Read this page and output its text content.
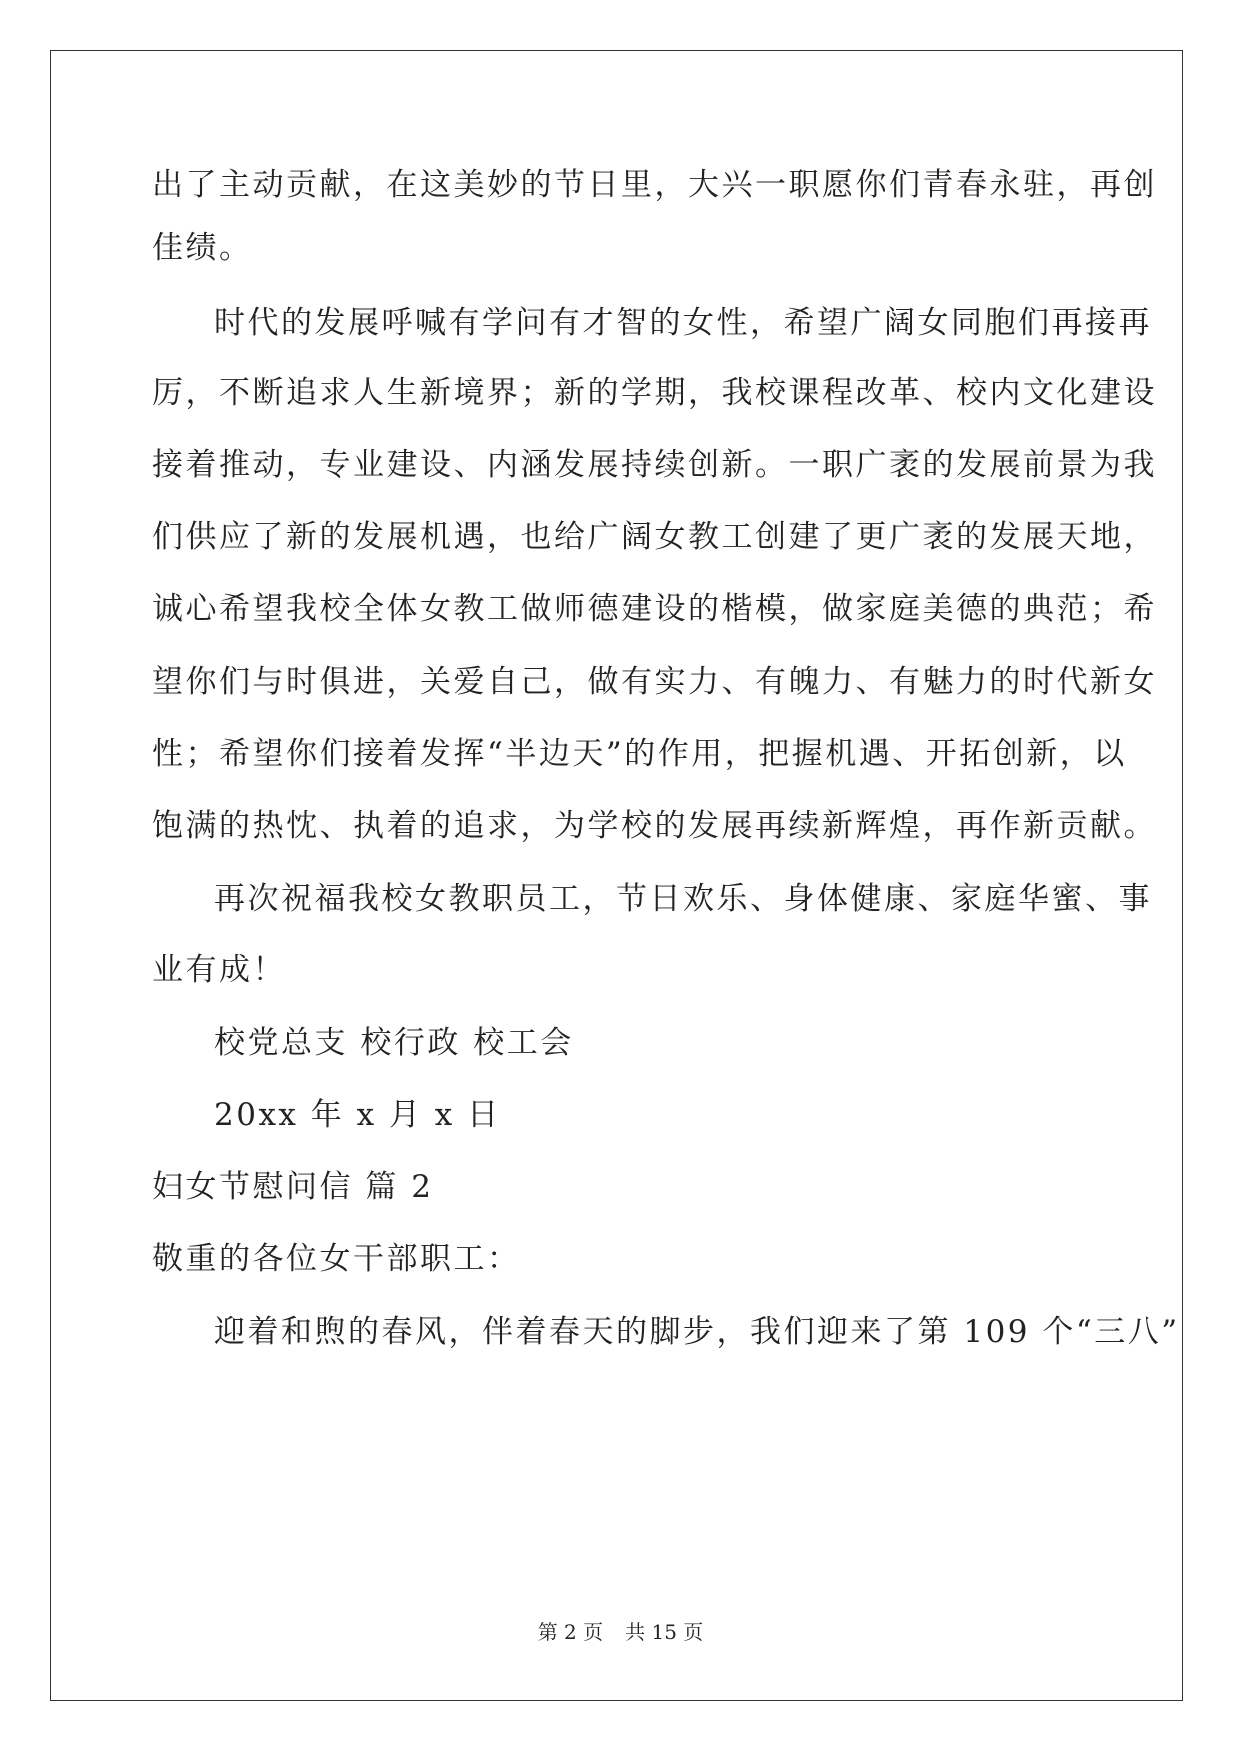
出了主动贡献，在这美妙的节日里，大兴一职愿你们青春永驻，再创
佳绩。
时代的发展呼喊有学问有才智的女性，希望广阔女同胞们再接再
厉，不断追求人生新境界；新的学期，我校课程改革、校内文化建设
接着推动，专业建设、内涵发展持续创新。一职广袤的发展前景为我
们供应了新的发展机遇，也给广阔女教工创建了更广袤的发展天地，
诚心希望我校全体女教工做师德建设的楷模，做家庭美德的典范；希
望你们与时俱进，关爱自己，做有实力、有魄力、有魅力的时代新女
性；希望你们接着发挥“半边天”的作用，把握机遇、开拓创新，以
饱满的热忱、执着的追求，为学校的发展再续新辉煌，再作新贡献。
再次祝福我校女教职员工，节日欢乐、身体健康、家庭华蜜、事
业有成！
校党总支 校行政 校工会
20xx 年 x 月 x 日
妇女节慰问信 篇 2
敬重的各位女干部职工：
迎着和煦的春风，伴着春天的脚步，我们迎来了第 109 个“三八”
第 2 页 共 15 页
